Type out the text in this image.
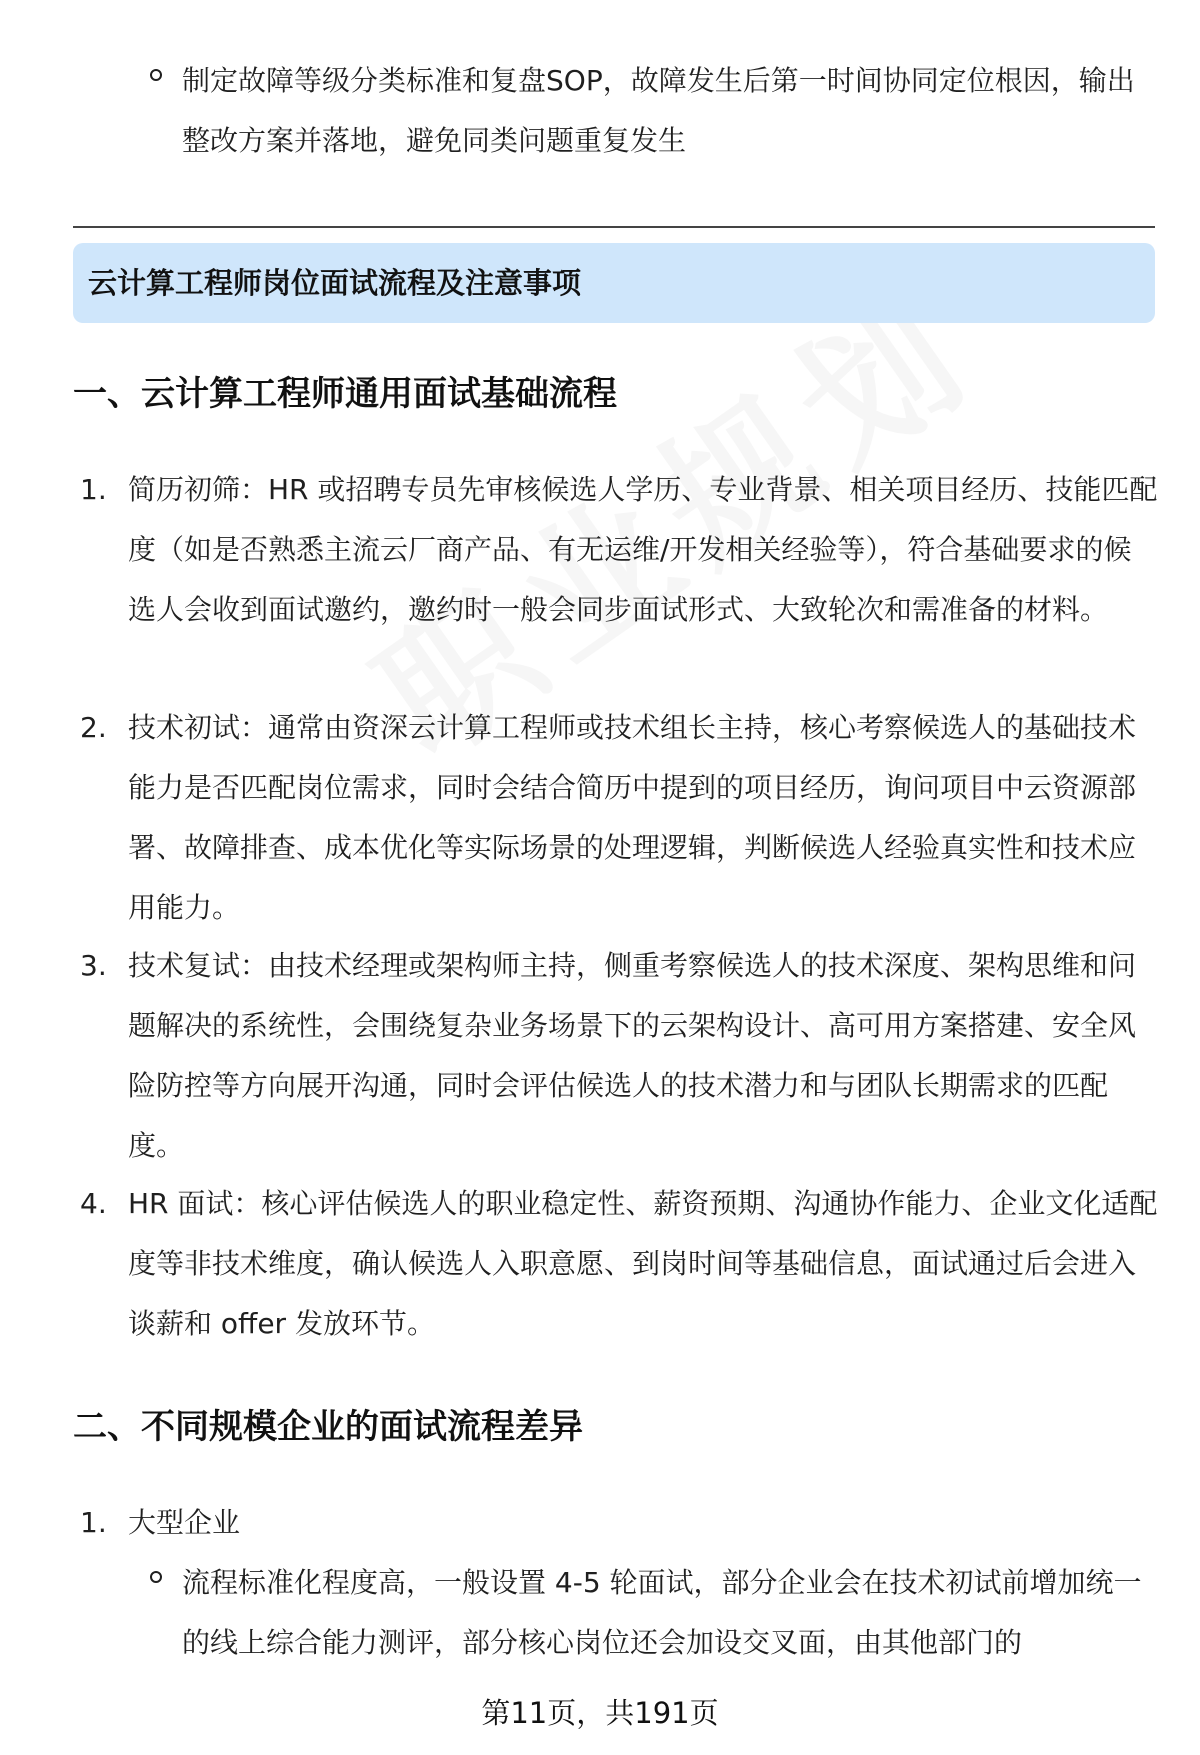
制定故障等级分类标准和复盘SOP，故障发生后第一时间协同定位根因，输出整改方案并落地，避免同类问题重复发生

云计算工程师岗位面试流程及注意事项
一、云计算工程师通用面试基础流程
1. 简历初筛：HR 或招聘专员先审核候选人学历、专业背景、相关项目经历、技能匹配度（如是否熟悉主流云厂商产品、有无运维/开发相关经验等），符合基础要求的候选人会收到面试邀约，邀约时一般会同步面试形式、大致轮次和需准备的材料。

2. 技术初试：通常由资深云计算工程师或技术组长主持，核心考察候选人的基础技术能力是否匹配岗位需求，同时会结合简历中提到的项目经历，询问项目中云资源部署、故障排查、成本优化等实际场景的处理逻辑，判断候选人经验真实性和技术应用能力。

3. 技术复试：由技术经理或架构师主持，侧重考察候选人的技术深度、架构思维和问题解决的系统性，会围绕复杂业务场景下的云架构设计、高可用方案搭建、安全风险防控等方向展开沟通，同时会评估候选人的技术潜力和与团队长期需求的匹配度。

4. HR 面试：核心评估候选人的职业稳定性、薪资预期、沟通协作能力、企业文化适配度等非技术维度，确认候选人入职意愿、到岗时间等基础信息，面试通过后会进入谈薪和 offer 发放环节。

二、不同规模企业的面试流程差异
1. 大型企业

流程标准化程度高，一般设置 4-5 轮面试，部分企业会在技术初试前增加统一的线上综合能力测评，部分核心岗位还会加设交叉面，由其他部门的

第11页，共191页
